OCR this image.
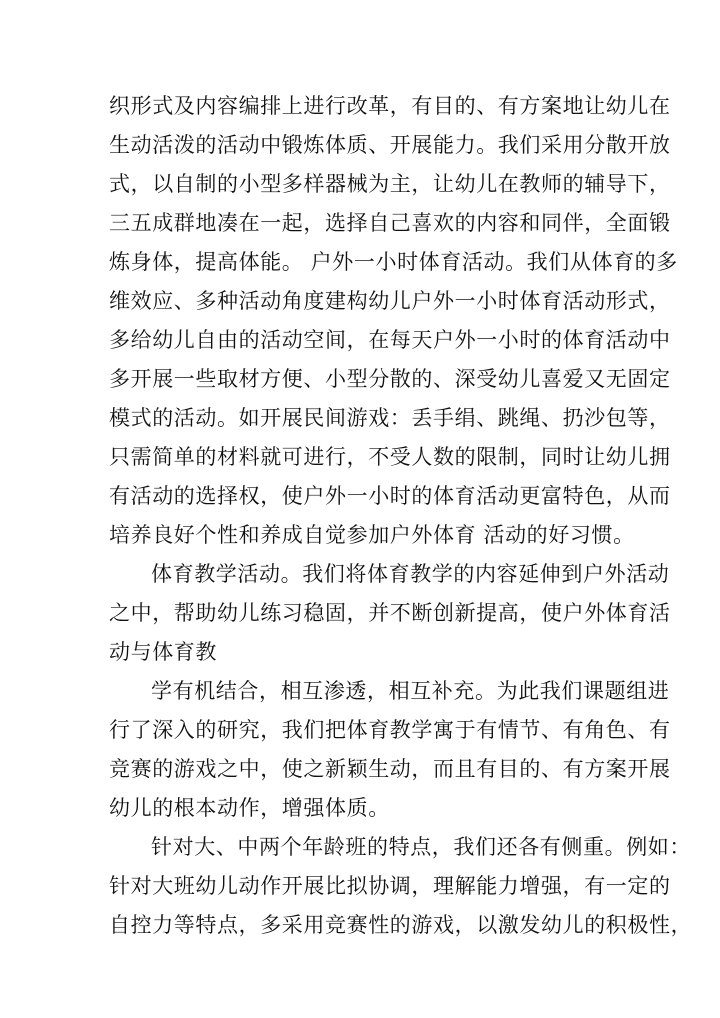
织形式及内容编排上进行改革，有目的、有方案地让幼儿在
生动活泼的活动中锻炼体质、开展能力。我们采用分散开放
式，以自制的小型多样器械为主，让幼儿在教师的辅导下，
三五成群地凑在一起，选择自己喜欢的内容和同伴，全面锻
炼身体，提高体能。 户外一小时体育活动。我们从体育的多
维效应、多种活动角度建构幼儿户外一小时体育活动形式，
多给幼儿自由的活动空间，在每天户外一小时的体育活动中
多开展一些取材方便、小型分散的、深受幼儿喜爱又无固定
模式的活动。如开展民间游戏：丢手绢、跳绳、扔沙包等，
只需简单的材料就可进行，不受人数的限制，同时让幼儿拥
有活动的选择权，使户外一小时的体育活动更富特色，从而
培养良好个性和养成自觉参加户外体育 活动的好习惯。
体育教学活动。我们将体育教学的内容延伸到户外活动
之中，帮助幼儿练习稳固，并不断创新提高，使户外体育活
动与体育教
学有机结合，相互渗透，相互补充。为此我们课题组进
行了深入的研究，我们把体育教学寓于有情节、有角色、有
竞赛的游戏之中，使之新颖生动，而且有目的、有方案开展
幼儿的根本动作，增强体质。
针对大、中两个年龄班的特点，我们还各有侧重。例如：
针对大班幼儿动作开展比拟协调，理解能力增强，有一定的
自控力等特点，多采用竞赛性的游戏，以激发幼儿的积极性，
